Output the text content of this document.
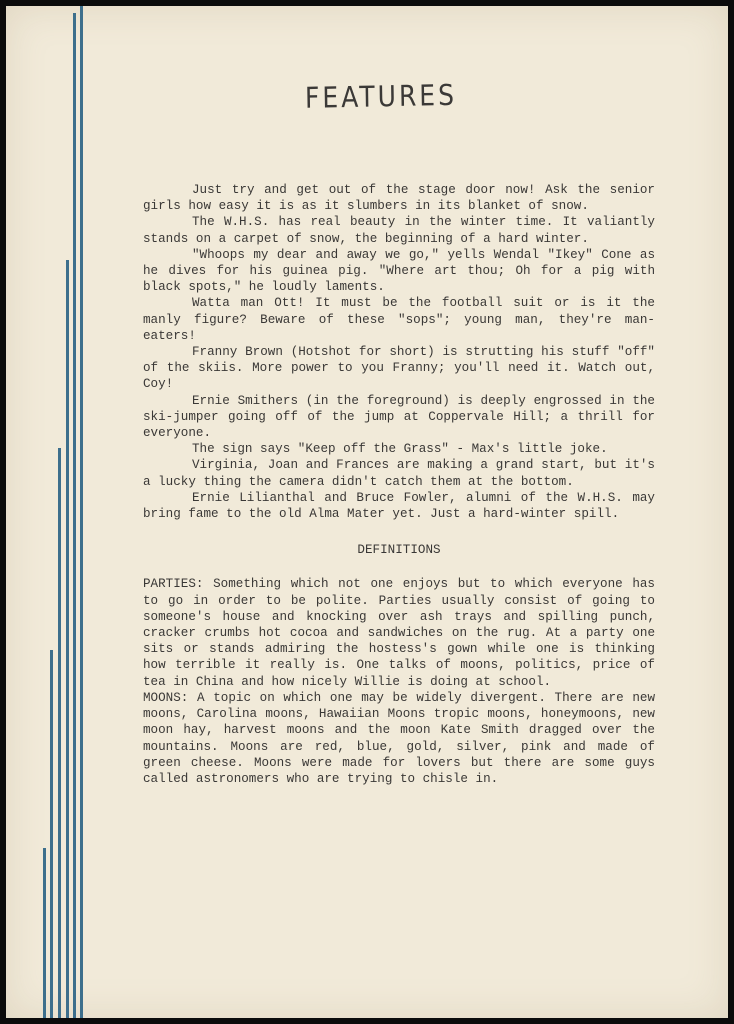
FEATURES

Just try and get out of the stage door now! Ask the senior girls how easy it is as it slumbers in its blanket of snow.

The W.H.S. has real beauty in the winter time. It valiantly stands on a carpet of snow, the beginning of a hard winter.

"Whoops my dear and away we go," yells Wendal "Ikey" Cone as he dives for his guinea pig. "Where art thou; Oh for a pig with black spots," he loudly laments.

Watta man Ott! It must be the football suit or is it the manly figure? Beware of these "sops"; young man, they're man-eaters!

Franny Brown (Hotshot for short) is strutting his stuff "off" of the skiis. More power to you Franny; you'll need it. Watch out, Coy!

Ernie Smithers (in the foreground) is deeply engrossed in the ski-jumper going off of the jump at Coppervale Hill; a thrill for everyone.

The sign says "Keep off the Grass" - Max's little joke.

Virginia, Joan and Frances are making a grand start, but it's a lucky thing the camera didn't catch them at the bottom.

Ernie Lilianthal and Bruce Fowler, alumni of the W.H.S. may bring fame to the old Alma Mater yet. Just a hard-winter spill.

DEFINITIONS

PARTIES: Something which not one enjoys but to which everyone has to go in order to be polite. Parties usually consist of going to someone's house and knocking over ash trays and spilling punch, cracker crumbs hot cocoa and sandwiches on the rug. At a party one sits or stands admiring the hostess's gown while one is thinking how terrible it really is. One talks of moons, politics, price of tea in China and how nicely Willie is doing at school.

MOONS: A topic on which one may be widely divergent. There are new moons, Carolina moons, Hawaiian Moons tropic moons, honeymoons, new moon hay, harvest moons and the moon Kate Smith dragged over the mountains. Moons are red, blue, gold, silver, pink and made of green cheese. Moons were made for lovers but there are some guys called astronomers who are trying to chisle in.
